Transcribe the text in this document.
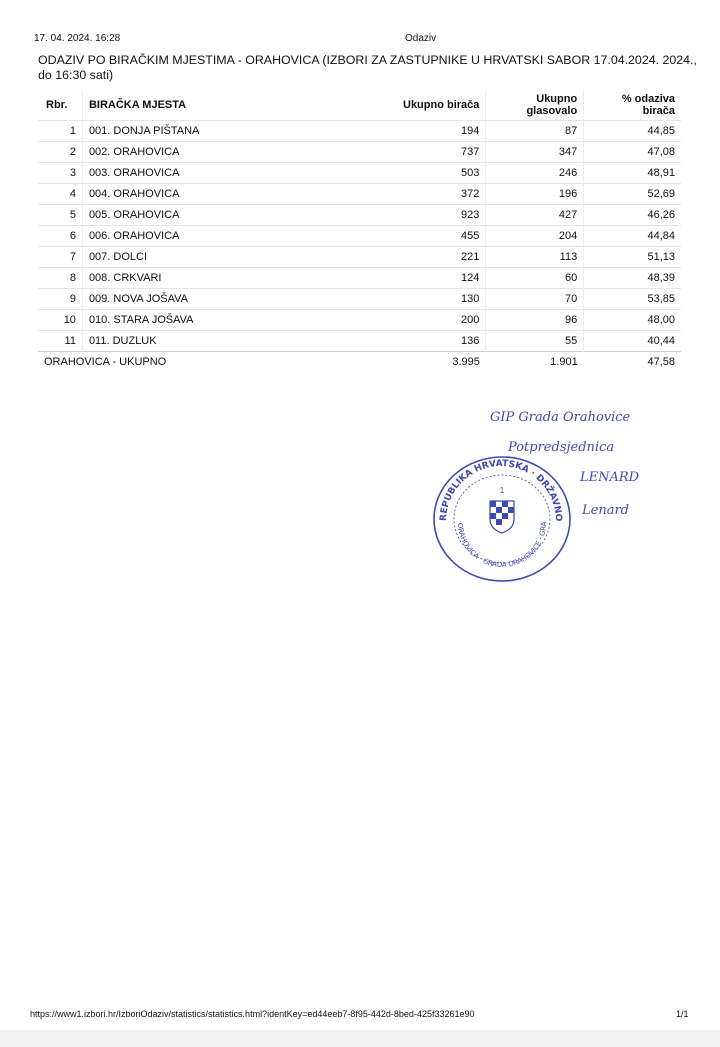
17. 04. 2024. 16:28	Odaziv
ODAZIV PO BIRAČKIM MJESTIMA - ORAHOVICA (IZBORI ZA ZASTUPNIKE U HRVATSKI SABOR 17.04.2024. 2024., do 16:30 sati)
Rbr.	BIRAČKA MJESTA	Ukupno birača	Ukupno glasovalo	% odaziva birača
1	001. DONJA PIŠTANA	194	87	44,85
2	002. ORAHOVICA	737	347	47,08
3	003. ORAHOVICA	503	246	48,91
4	004. ORAHOVICA	372	196	52,69
5	005. ORAHOVICA	923	427	46,26
6	006. ORAHOVICA	455	204	44,84
7	007. DOLCI	221	113	51,13
8	008. CRKVARI	124	60	48,39
9	009. NOVA JOŠAVA	130	70	53,85
10	010. STARA JOŠAVA	200	96	48,00
11	011. DUZLUK	136	55	40,44
ORAHOVICA - UKUPNO		3.995	1.901	47,58
GIP Grada Orahovice
Potpredsjednica
LENARD
Lenard
REPUBLIKA HRVATSKA · DRŽAVNO
ORAHOVICA · GRADA ORAHOVICE · GRA
1
https://www1.izbori.hr/IzboriOdaziv/statistics/statistics.html?identKey=ed44eeb7-8f95-442d-8bed-425f33261e90	1/1
